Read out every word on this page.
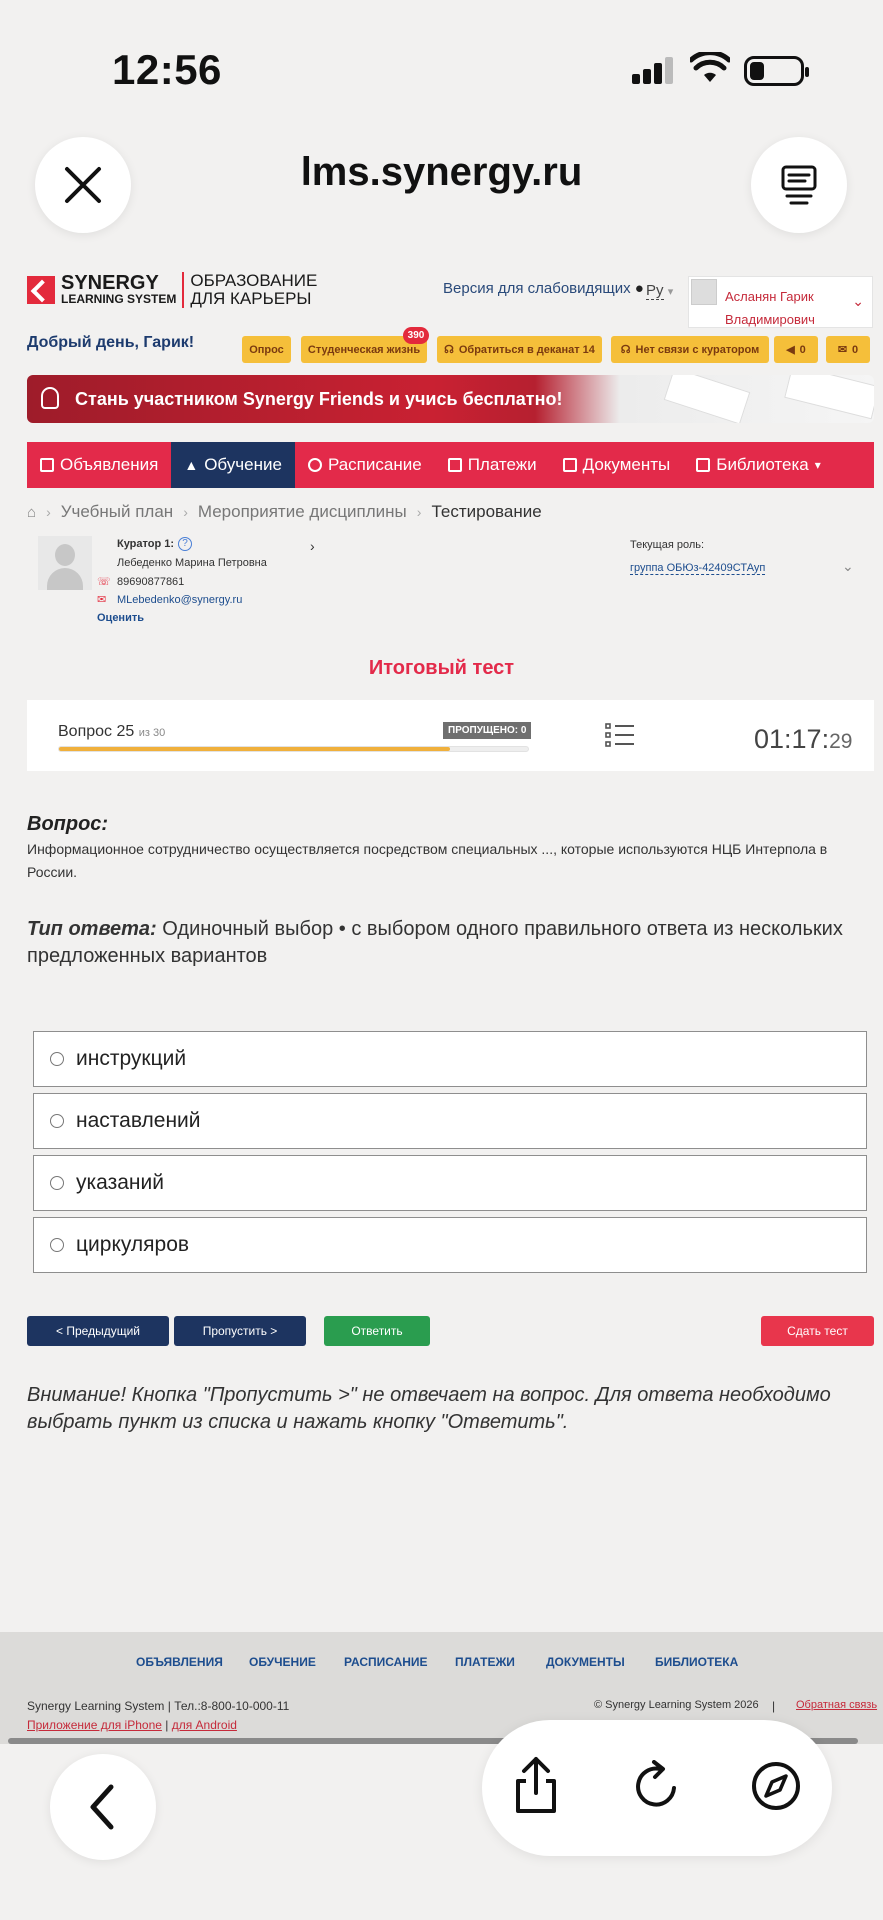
12:56
lms.synergy.ru
SYNERGY
LEARNING SYSTEM
ОБРАЗОВАНИЕ
ДЛЯ КАРЬЕРЫ
Версия для слабовидящих ● Ру ▾	Асланян Гарик
Владимирович
⌄
Добрый день, Гарик!	Опрос Студенческая жизнь
390
☊ Обратиться в деканат 14 ☊ Нет связи с куратором ◀ 0	✉ 0
Стань участником Synergy Friends и учись бесплатно!
Объявления ▲ Обучение	Расписание	Платежи	Документы	Библиотека ▾
⌂ › Учебный план › Мероприятие дисциплины › Тестирование
Куратор 1: ?	›
Лебеденко Марина Петровна
☏ 89690877861
✉ MLebedenko@synergy.ru
Оценить
Текущая роль:
группа ОБЮз-42409СТАуп	⌄
Итоговый тест
Вопрос 25 из 30	ПРОПУЩЕНО: 0	01:17:29
Вопрос:
Информационное сотрудничество осуществляется посредством специальных ..., которые используются НЦБ Интерпола в России.
Тип ответа: Одиночный выбор • с выбором одного правильного ответа из нескольких предложенных вариантов
инструкций
наставлений
указаний
циркуляров
< Предыдущий	Пропустить >	Ответить	Сдать тест
Внимание! Кнопка "Пропустить >" не отвечает на вопрос. Для ответа необходимо выбрать пункт из списка и нажать кнопку "Ответить".
ОБЪЯВЛЕНИЯ ОБУЧЕНИЕ РАСПИСАНИЕ ПЛАТЕЖИ	ДОКУМЕНТЫ	БИБЛИОТЕКА
Synergy Learning System | Тел.:8-800-10-000-11
Приложение для iPhone | для Android
© Synergy Learning System 2026 | Обратная связь
